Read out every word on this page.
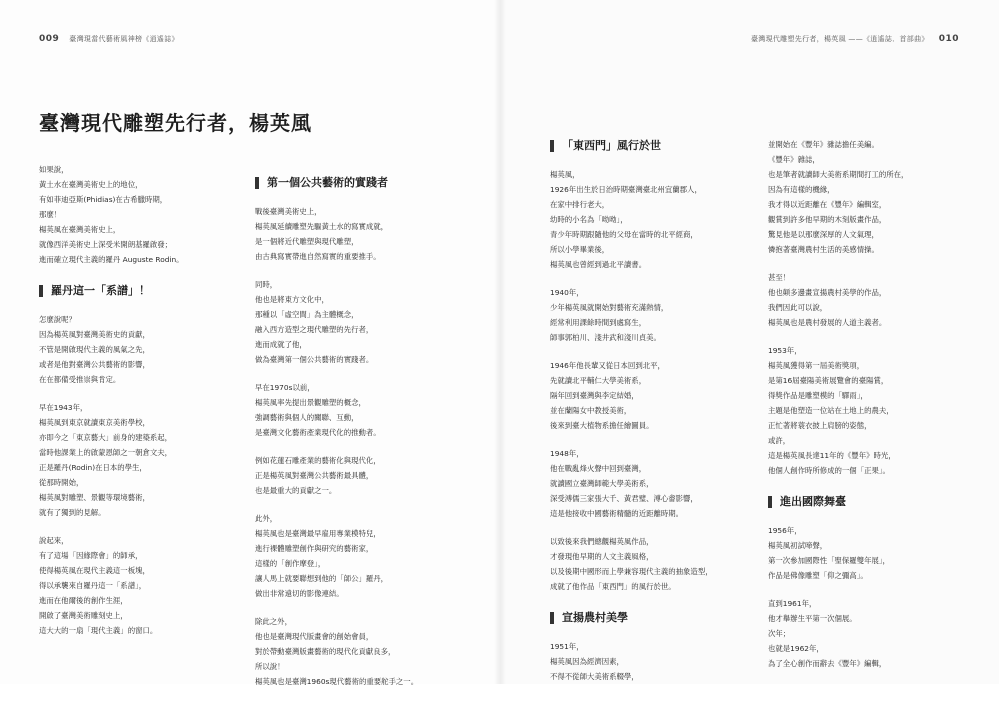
009 臺灣現當代藝術風神榜《逍遙誌》	臺灣現代雕塑先行者，楊英風 ——《逍遙誌．首部曲》 010
臺灣現代雕塑先行者，楊英風

如果說，
黃土水在臺灣美術史上的地位，
有如菲迪亞斯(Phidias)在古希臘時期，
那麼！
楊英風在臺灣美術史上，
就像西洋美術史上深受米開朗基羅啟發；
進而確立現代主義的羅丹 Auguste Rodin。

羅丹這一「系譜」！

怎麼說呢？
因為楊英風對臺灣美術史的貢獻，
不管是開啟現代主義的風氣之先，
或者是他對臺灣公共藝術的影響，
在在都備受推崇與肯定。

早在1943年，
楊英風到東京就讀東京美術學校，
亦即今之「東京藝大」前身的建築系起，
當時他課業上的啟蒙恩師之一朝倉文夫，
正是羅丹(Rodin)在日本的學生，
從那時開始，
楊英風對雕塑、景觀等環境藝術，
就有了獨到的見解。

說起來，
有了這場「因緣際會」的師承，
使得楊英風在現代主義這一板塊，
得以承襲來自羅丹這一「系譜」，
進而在他爾後的創作生涯，
開啟了臺灣美術雕刻史上，
這大大的一扇「現代主義」的窗口。

第一個公共藝術的實踐者

戰後臺灣美術史上，
楊英風延續雕塑先驅黃土水的寫實成就，
是一個將近代雕塑與現代雕塑，
由古典寫實帶進自然寫實的重要推手。

同時，
他也是將東方文化中，
那種以「虛空間」為主體概念，
融入西方造型之現代雕塑的先行者，
進而成就了他，
做為臺灣第一個公共藝術的實踐者。

早在1970s以前，
楊英風率先提出景觀雕塑的概念，
強調藝術與個人的關聯、互動，
是臺灣文化藝術產業現代化的推動者。

例如花蓮石雕產業的藝術化與現代化，
正是楊英風對臺灣公共藝術最具體，
也是最重大的貢獻之一。

此外，
楊英風也是臺灣最早雇用專業模特兒，
進行裸體雕塑創作與研究的藝術家，
這樣的「創作摩登」，
讓人馬上就要聯想到他的「師公」羅丹，
做出非常遠切的影像連結。

除此之外，
他也是臺灣現代版畫會的創始會員，
對於帶動臺灣版畫藝術的現代化貢獻良多，
所以說！
楊英風也是臺灣1960s現代藝術的重要舵手之一。

「東西門」風行於世

楊英風，
1926年出生於日治時期臺灣臺北州宜蘭郡人，
在家中排行老大，
幼時的小名為「呦呦」，
青少年時期跟隨他的父母在當時的北平經商，
所以小學畢業後，
楊英風也曾經到過北平讀書。

1940年，
少年楊英風就開始對藝術充滿熱情，
經常利用課餘時間到處寫生，
師事郭柏川、淺井武和淺川貞美。

1946年他長輩又從日本回到北平，
先就讀北平輔仁大學美術系，
隔年回到臺灣與李定結婚，
並在蘭陽女中教授美術，
後來到臺大植物系擔任繪圖員。

1948年，
他在戰亂烽火聲中回到臺灣，
就讀國立臺灣師範大學美術系，
深受溥儒三家張大千、黃君璧、溥心畬影響，
這是他接收中國藝術精髓的近距離時期。

以致後來我們總觀楊英風作品，
才發現他早期的人文主義風格，
以及後期中國形而上學兼容現代主義的抽象造型，
成就了他作品「東西門」的風行於世。

宣揚農村美學

1951年，
楊英風因為經濟因素，
不得不從師大美術系輟學，

並開始在《豐年》雜誌擔任美編。
《豐年》雜誌，
也是筆者就讀師大美術系期間打工的所在，
因為有這樣的機緣，
我才得以近距離在《豐年》編輯室，
觀賞到許多他早期的木刻版畫作品，
驚見他是以那麼深厚的人文氣理，
憐抱著臺灣農村生活的美感情操。

甚至！
他也顛多邊畫宣揚農村美學的作品，
我們因此可以說，
楊英風也是農村發展的人道主義者。

1953年，
楊英風獲得第一屆美術獎項，
是第16屆臺陽美術展覽會的臺陽賞，
得獎作品是雕塑模的「驛雨」，
主題是他塑造一位站在土地上的農夫，
正忙著將蓑衣披上肩膀的姿態，
或許，
這是楊英風長達11年的《豐年》時光，
他個人創作時所修成的一個「正果」。

進出國際舞臺

1956年，
楊英風初試啼聲，
第一次參加國際性「聖保羅雙年展」，
作品是佛像雕塑「仰之彌高」。

直到1961年，
他才舉辦生平第一次個展。
次年；
也就是1962年，
為了全心創作而辭去《豐年》編輯，
